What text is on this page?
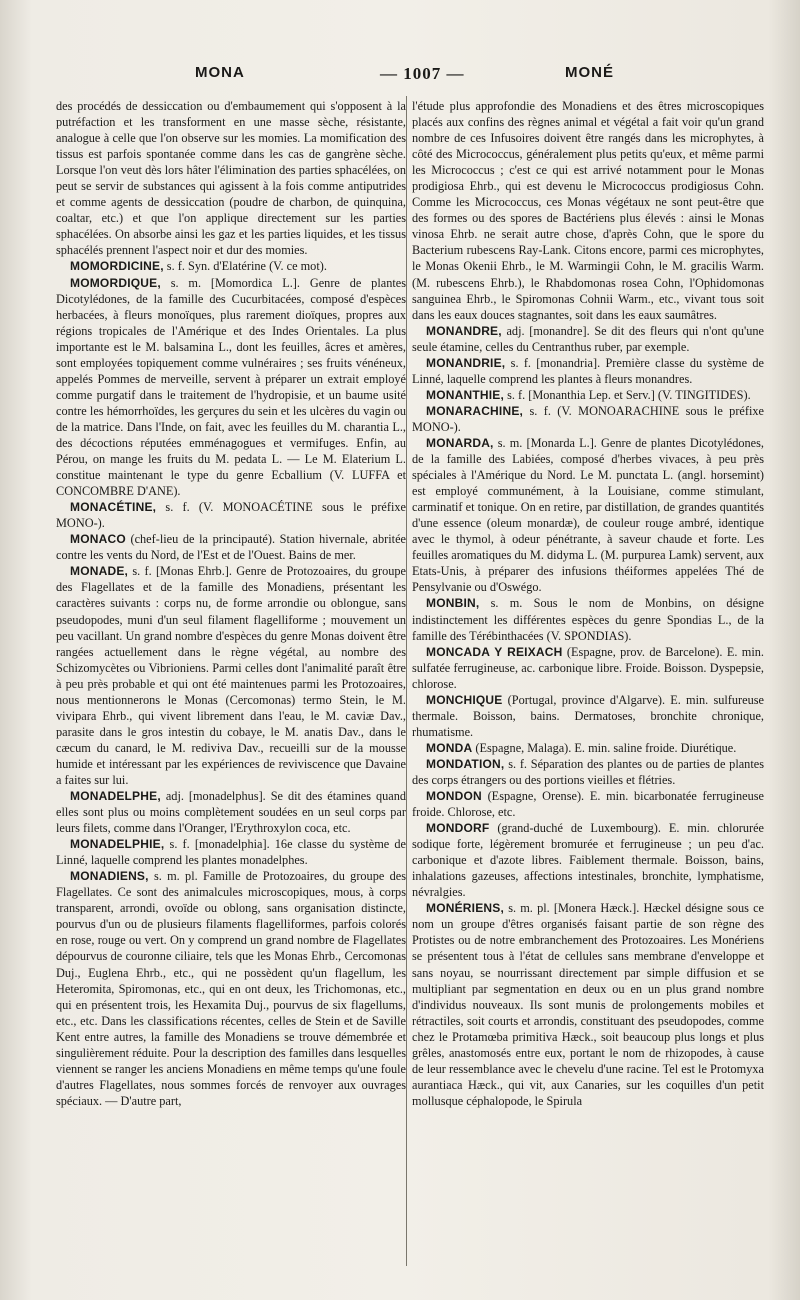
MONA	— 1007 —	MONÉ

des procédés de dessiccation ou d'embaumement qui s'opposent à la putréfaction et les transforment en une masse sèche, résistante, analogue à celle que l'on observe sur les momies. La momification des tissus est parfois spontanée comme dans les cas de gangrène sèche. Lorsque l'on veut dès lors hâter l'élimination des parties sphacélées, on peut se servir de substances qui agissent à la fois comme antiputrides et comme agents de dessiccation (poudre de charbon, de quinquina, coaltar, etc.) et que l'on applique directement sur les parties sphacélées. On absorbe ainsi les gaz et les parties liquides, et les tissus sphacélés prennent l'aspect noir et dur des momies.

MOMORDICINE, s. f. Syn. d'Elatérine (V. ce mot).

MOMORDIQUE, s. m. [Momordica L.]. Genre de plantes Dicotylédones, de la famille des Cucurbitacées, composé d'espèces herbacées, à fleurs monoïques, plus rarement dioïques, propres aux régions tropicales de l'Amérique et des Indes Orientales. La plus importante est le M. balsamina L., dont les feuilles, âcres et amères, sont employées topiquement comme vulnéraires ; ses fruits vénéneux, appelés Pommes de merveille, servent à préparer un extrait employé comme purgatif dans le traitement de l'hydropisie, et un baume usité contre les hémorrhoïdes, les gerçures du sein et les ulcères du vagin ou de la matrice. Dans l'Inde, on fait, avec les feuilles du M. charantia L., des décoctions réputées emménagogues et vermifuges. Enfin, au Pérou, on mange les fruits du M. pedata L. — Le M. Elaterium L. constitue maintenant le type du genre Ecballium (V. LUFFA et CONCOMBRE D'ANE).

MONACÉTINE, s. f. (V. MONOACÉTINE sous le préfixe MONO-).

MONACO (chef-lieu de la principauté). Station hivernale, abritée contre les vents du Nord, de l'Est et de l'Ouest. Bains de mer.

MONADE, s. f. [Monas Ehrb.]. Genre de Protozoaires, du groupe des Flagellates et de la famille des Monadiens, présentant les caractères suivants : corps nu, de forme arrondie ou oblongue, sans pseudopodes, muni d'un seul filament flagelliforme ; mouvement un peu vacillant. Un grand nombre d'espèces du genre Monas doivent être rangées actuellement dans le règne végétal, au nombre des Schizomycètes ou Vibrioniens. Parmi celles dont l'animalité paraît être à peu près probable et qui ont été maintenues parmi les Protozoaires, nous mentionnerons le Monas (Cercomonas) termo Stein, le M. vivipara Ehrb., qui vivent librement dans l'eau, le M. caviæ Dav., parasite dans le gros intestin du cobaye, le M. anatis Dav., dans le cæcum du canard, le M. rediviva Dav., recueilli sur de la mousse humide et intéressant par les expériences de reviviscence que Davaine a faites sur lui.

MONADELPHE, adj. [monadelphus]. Se dit des étamines quand elles sont plus ou moins complètement soudées en un seul corps par leurs filets, comme dans l'Oranger, l'Erythroxylon coca, etc.

MONADELPHIE, s. f. [monadelphia]. 16e classe du système de Linné, laquelle comprend les plantes monadelphes.

MONADIENS, s. m. pl. Famille de Protozoaires, du groupe des Flagellates. Ce sont des animalcules microscopiques, mous, à corps transparent, arrondi, ovoïde ou oblong, sans organisation distincte, pourvus d'un ou de plusieurs filaments flagelliformes, parfois colorés en rose, rouge ou vert. On y comprend un grand nombre de Flagellates dépourvus de couronne ciliaire, tels que les Monas Ehrb., Cercomonas Duj., Euglena Ehrb., etc., qui ne possèdent qu'un flagellum, les Heteromita, Spiromonas, etc., qui en ont deux, les Trichomonas, etc., qui en présentent trois, les Hexamita Duj., pourvus de six flagellums, etc., etc. Dans les classifications récentes, celles de Stein et de Saville Kent entre autres, la famille des Monadiens se trouve démembrée et singulièrement réduite. Pour la description des familles dans lesquelles viennent se ranger les anciens Monadiens en même temps qu'une foule d'autres Flagellates, nous sommes forcés de renvoyer aux ouvrages spéciaux. — D'autre part,

l'étude plus approfondie des Monadiens et des êtres microscopiques placés aux confins des règnes animal et végétal a fait voir qu'un grand nombre de ces Infusoires doivent être rangés dans les microphytes, à côté des Micrococcus, généralement plus petits qu'eux, et même parmi les Micrococcus ; c'est ce qui est arrivé notamment pour le Monas prodigiosa Ehrb., qui est devenu le Micrococcus prodigiosus Cohn. Comme les Micrococcus, ces Monas végétaux ne sont peut-être que des formes ou des spores de Bactériens plus élevés : ainsi le Monas vinosa Ehrb. ne serait autre chose, d'après Cohn, que le spore du Bacterium rubescens Ray-Lank. Citons encore, parmi ces microphytes, le Monas Okenii Ehrb., le M. Warmingii Cohn, le M. gracilis Warm. (M. rubescens Ehrb.), le Rhabdomonas rosea Cohn, l'Ophidomonas sanguinea Ehrb., le Spiromonas Cohnii Warm., etc., vivant tous soit dans les eaux douces stagnantes, soit dans les eaux saumâtres.

MONANDRE, adj. [monandre]. Se dit des fleurs qui n'ont qu'une seule étamine, celles du Centranthus ruber, par exemple.

MONANDRIE, s. f. [monandria]. Première classe du système de Linné, laquelle comprend les plantes à fleurs monandres.

MONANTHIE, s. f. [Monanthia Lep. et Serv.] (V. TINGITIDES).

MONARACHINE, s. f. (V. MONOARACHINE sous le préfixe MONO-).

MONARDA, s. m. [Monarda L.]. Genre de plantes Dicotylédones, de la famille des Labiées, composé d'herbes vivaces, à peu près spéciales à l'Amérique du Nord. Le M. punctata L. (angl. horsemint) est employé communément, à la Louisiane, comme stimulant, carminatif et tonique. On en retire, par distillation, de grandes quantités d'une essence (oleum monardæ), de couleur rouge ambré, identique avec le thymol, à odeur pénétrante, à saveur chaude et forte. Les feuilles aromatiques du M. didyma L. (M. purpurea Lamk) servent, aux Etats-Unis, à préparer des infusions théiformes appelées Thé de Pensylvanie ou d'Oswégo.

MONBIN, s. m. Sous le nom de Monbins, on désigne indistinctement les différentes espèces du genre Spondias L., de la famille des Térébinthacées (V. SPONDIAS).

MONCADA Y REIXACH (Espagne, prov. de Barcelone). E. min. sulfatée ferrugineuse, ac. carbonique libre. Froide. Boisson. Dyspepsie, chlorose.

MONCHIQUE (Portugal, province d'Algarve). E. min. sulfureuse thermale. Boisson, bains. Dermatoses, bronchite chronique, rhumatisme.

MONDA (Espagne, Malaga). E. min. saline froide. Diurétique.

MONDATION, s. f. Séparation des plantes ou de parties de plantes des corps étrangers ou des portions vieilles et flétries.

MONDON (Espagne, Orense). E. min. bicarbonatée ferrugineuse froide. Chlorose, etc.

MONDORF (grand-duché de Luxembourg). E. min. chlorurée sodique forte, légèrement bromurée et ferrugineuse ; un peu d'ac. carbonique et d'azote libres. Faiblement thermale. Boisson, bains, inhalations gazeuses, affections intestinales, bronchite, lymphatisme, névralgies.

MONÉRIENS, s. m. pl. [Monera Hæck.]. Hæckel désigne sous ce nom un groupe d'êtres organisés faisant partie de son règne des Protistes ou de notre embranchement des Protozoaires. Les Monériens se présentent tous à l'état de cellules sans membrane d'enveloppe et sans noyau, se nourrissant directement par simple diffusion et se multipliant par segmentation en deux ou en un plus grand nombre d'individus nouveaux. Ils sont munis de prolongements mobiles et rétractiles, soit courts et arrondis, constituant des pseudopodes, comme chez le Protamœba primitiva Hæck., soit beaucoup plus longs et plus grêles, anastomosés entre eux, portant le nom de rhizopodes, à cause de leur ressemblance avec le chevelu d'une racine. Tel est le Protomyxa aurantiaca Hæck., qui vit, aux Canaries, sur les coquilles d'un petit mollusque céphalopode, le Spirula
